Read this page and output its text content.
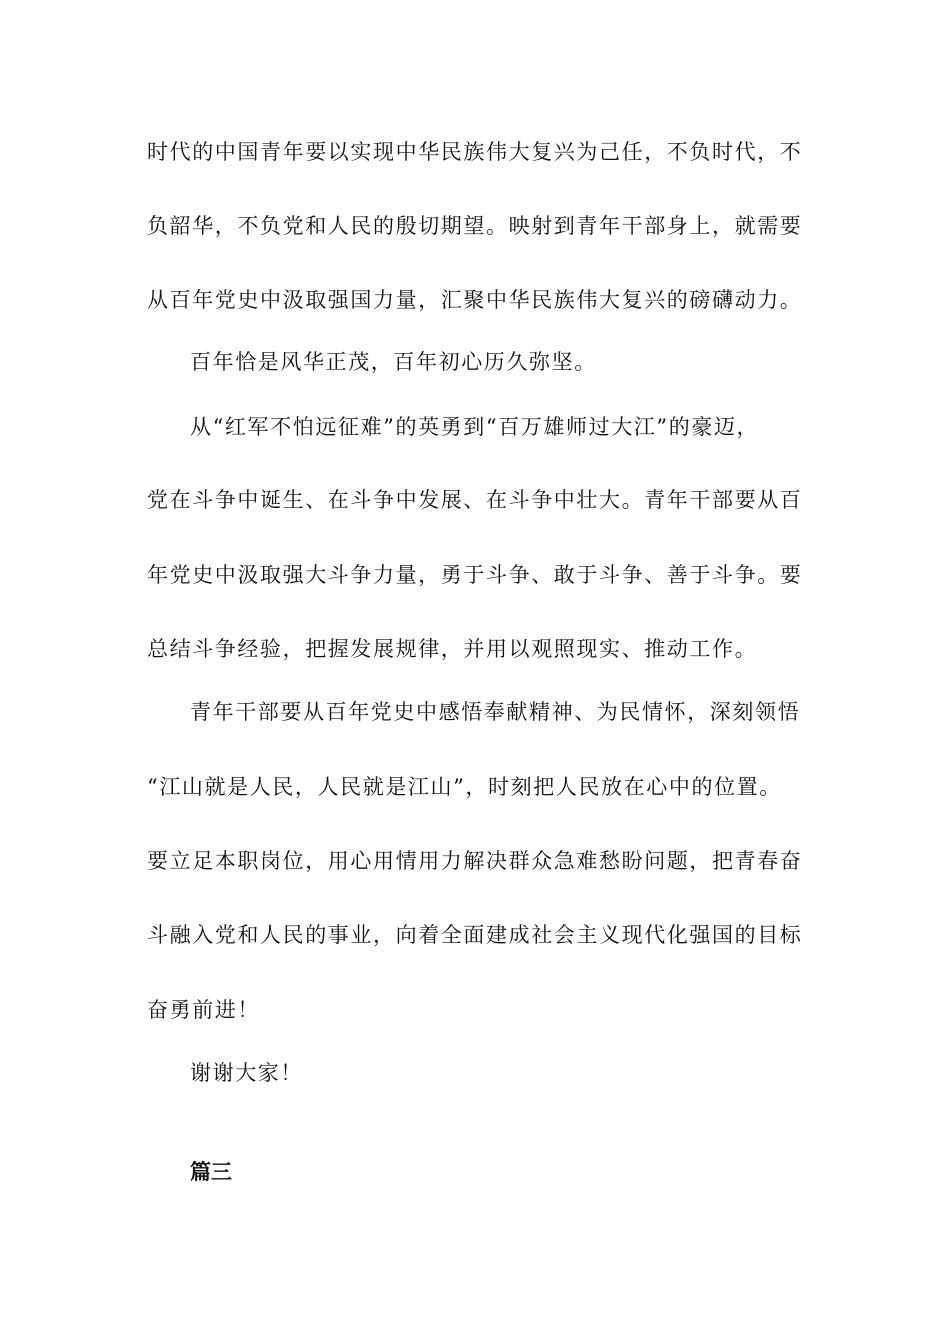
时代的中国青年要以实现中华民族伟大复兴为己任，不负时代，不
负韶华，不负党和人民的殷切期望。映射到青年干部身上，就需要
从百年党史中汲取强国力量，汇聚中华民族伟大复兴的磅礴动力。
百年恰是风华正茂，百年初心历久弥坚。
从“红军不怕远征难”的英勇到“百万雄师过大江”的豪迈，
党在斗争中诞生、在斗争中发展、在斗争中壮大。青年干部要从百
年党史中汲取强大斗争力量，勇于斗争、敢于斗争、善于斗争。要
总结斗争经验，把握发展规律，并用以观照现实、推动工作。
青年干部要从百年党史中感悟奉献精神、为民情怀，深刻领悟
“江山就是人民，人民就是江山”，时刻把人民放在心中的位置。
要立足本职岗位，用心用情用力解决群众急难愁盼问题，把青春奋
斗融入党和人民的事业，向着全面建成社会主义现代化强国的目标
奋勇前进！
谢谢大家！
篇三
